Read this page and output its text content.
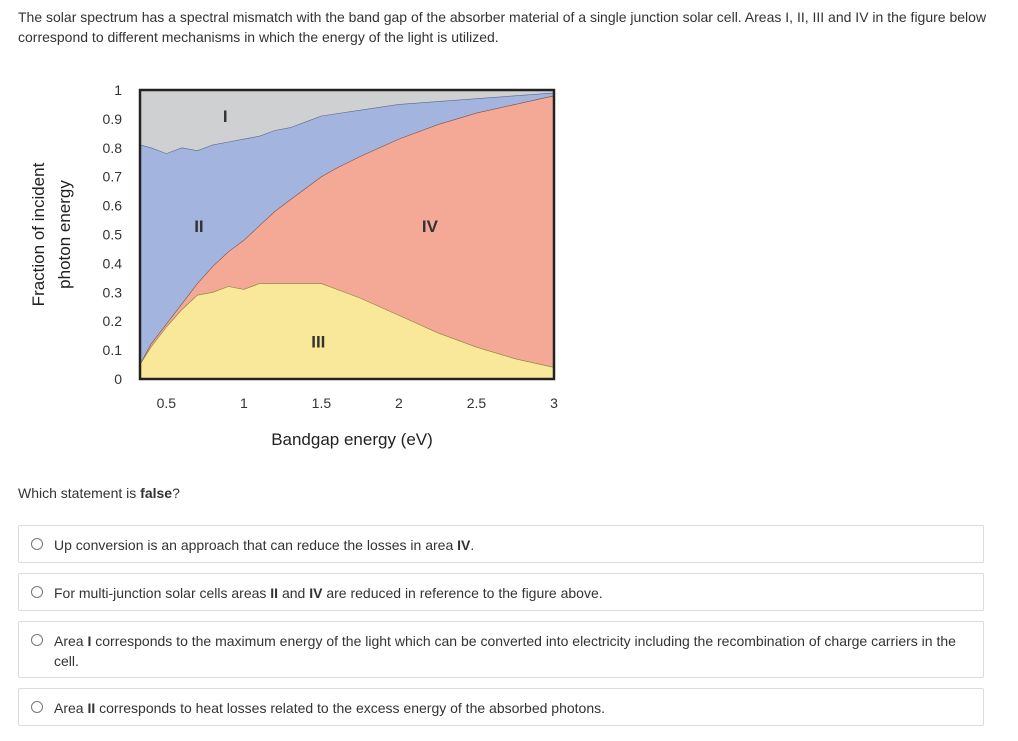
The solar spectrum has a spectral mismatch with the band gap of the absorber material of a single junction solar cell. Areas I, II, III and IV in the figure below correspond to different mechanisms in which the energy of the light is utilized.
0
0.1
0.2
0.3
0.4
0.5
0.6
0.7
0.8
0.9
1
0.5	1	1.5	2	2.5	3
I
II
III
IV
Fraction of incident photon energy
Bandgap energy (eV)
Which statement is false?
Up conversion is an approach that can reduce the losses in area IV.
For multi-junction solar cells areas II and IV are reduced in reference to the figure above.
Area I corresponds to the maximum energy of the light which can be converted into electricity including the recombination of charge carriers in the cell.
Area II corresponds to heat losses related to the excess energy of the absorbed photons.
